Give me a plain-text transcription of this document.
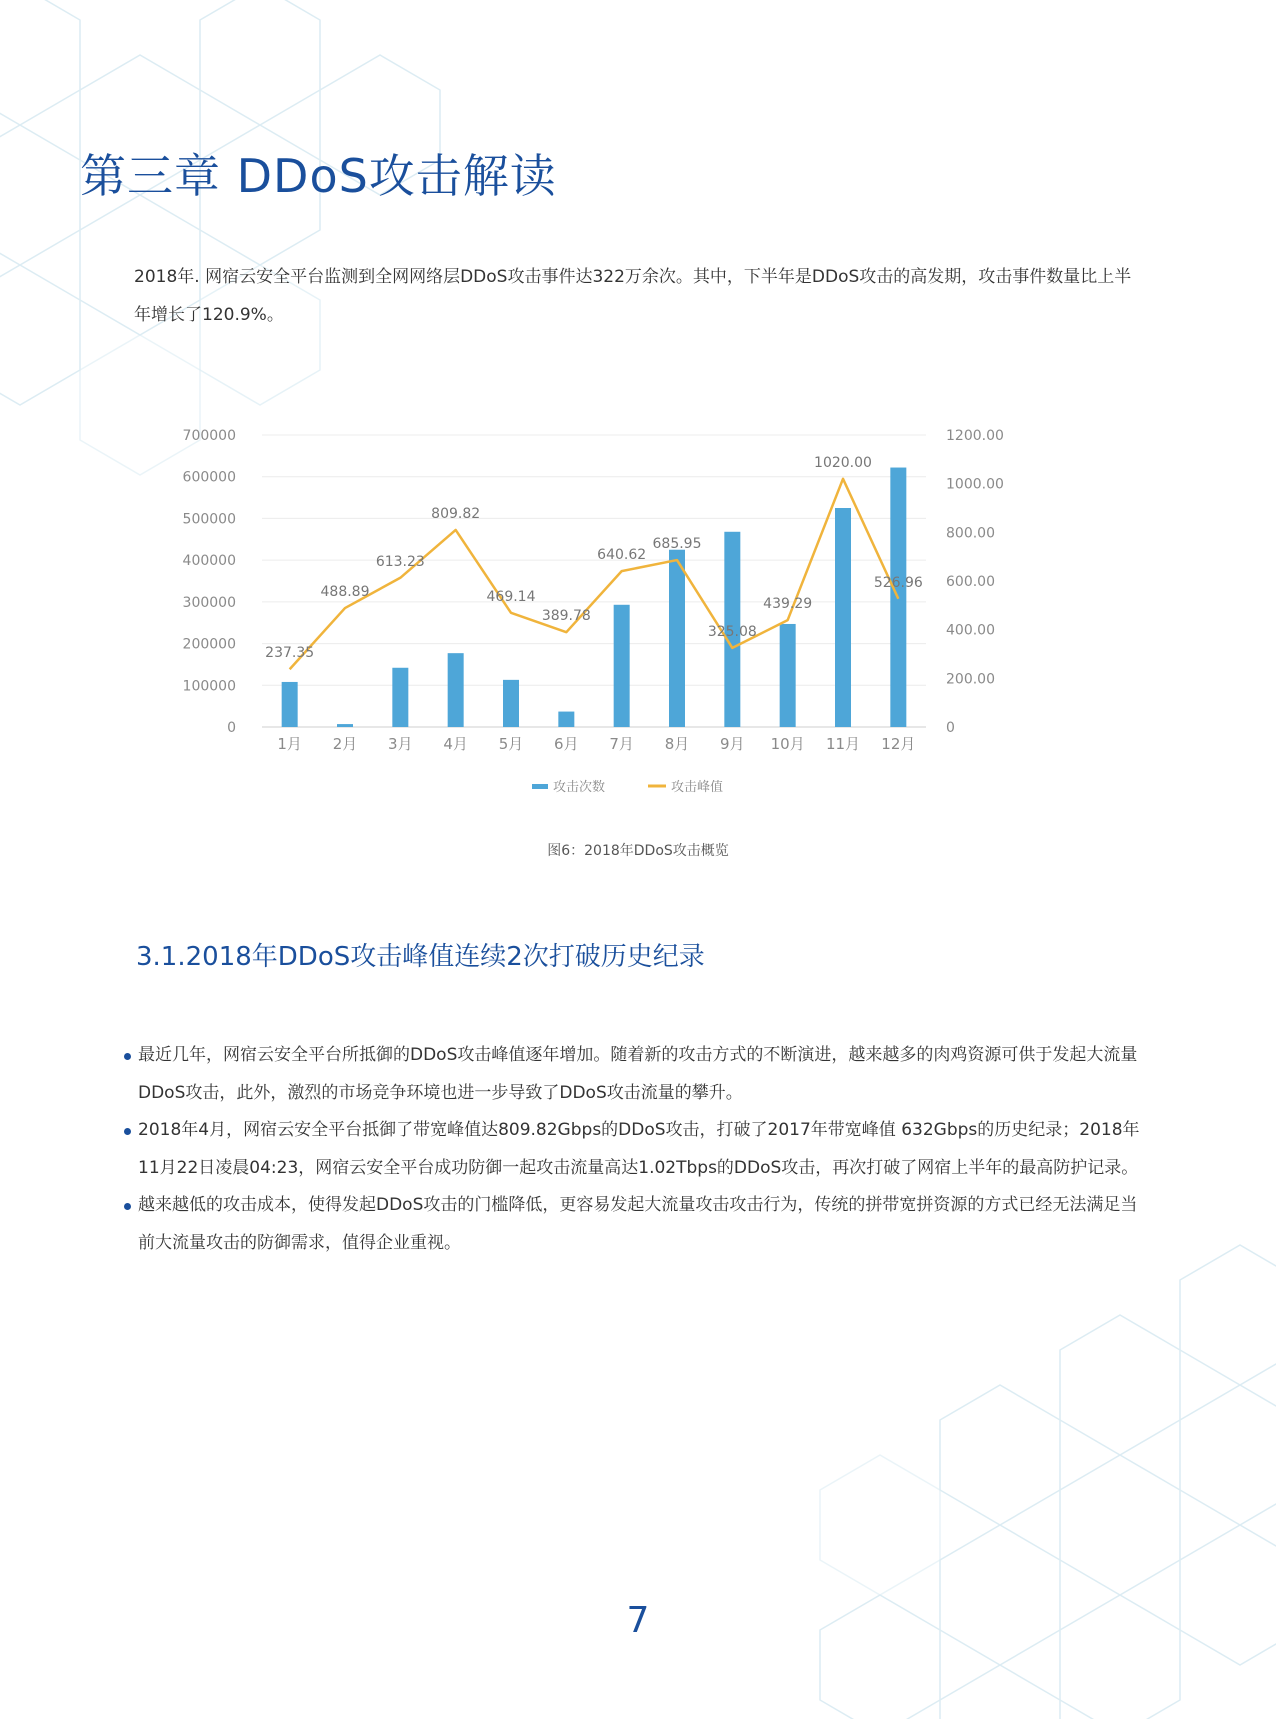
第三章 DDoS攻击解读

2018年. 网宿云安全平台监测到全网网络层DDoS攻击事件达322万余次。其中，下半年是DDoS攻击的高发期，攻击事件数量比上半年增长了120.9%。

0
100000
200000
300000
400000
500000
600000
700000
0
200.00
400.00
600.00
800.00
1000.00
1200.00
237.35
488.89
613.23
809.82
469.14
389.78
640.62
685.95
325.08
439.29
1020.00
526.96
1月 2月 3月 4月 5月 6月 7月 8月 9月 10月 11月 12月
攻击次数	攻击峰值
图6：2018年DDoS攻击概览
3.1.2018年DDoS攻击峰值连续2次打破历史纪录
最近几年，网宿云安全平台所抵御的DDoS攻击峰值逐年增加。随着新的攻击方式的不断演进，越来越多的肉鸡资源可供于发起大流量DDoS攻击，此外，激烈的市场竞争环境也进一步导致了DDoS攻击流量的攀升。
2018年4月，网宿云安全平台抵御了带宽峰值达809.82Gbps的DDoS攻击，打破了2017年带宽峰值 632Gbps的历史纪录；2018年11月22日凌晨04:23，网宿云安全平台成功防御一起攻击流量高达1.02Tbps的DDoS攻击，再次打破了网宿上半年的最高防护记录。
越来越低的攻击成本，使得发起DDoS攻击的门槛降低，更容易发起大流量攻击攻击行为，传统的拼带宽拼资源的方式已经无法满足当前大流量攻击的防御需求，值得企业重视。
7
